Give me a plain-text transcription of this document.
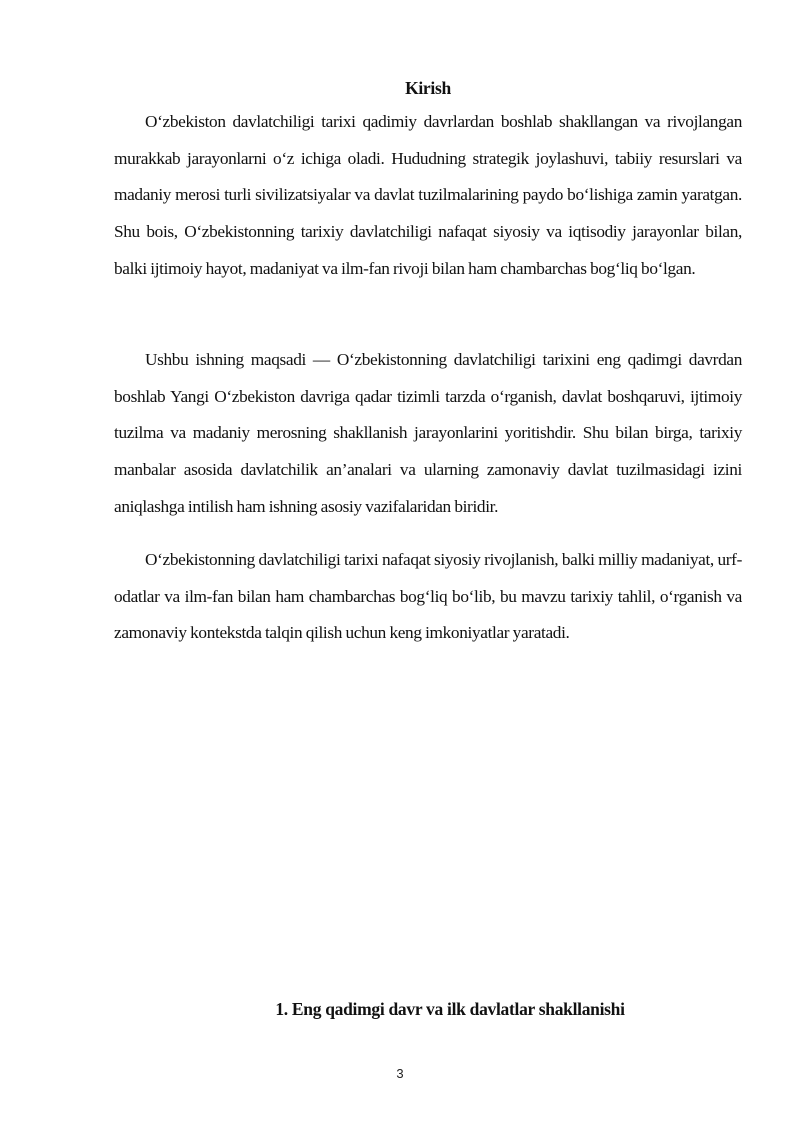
Kirish

O‘zbekiston davlatchiligi tarixi qadimiy davrlardan boshlab shakllangan va rivojlangan murakkab jarayonlarni o‘z ichiga oladi. Hududning strategik joylashuvi, tabiiy resurslari va madaniy merosi turli sivilizatsiyalar va davlat tuzilmalarining paydo bo‘lishiga zamin yaratgan. Shu bois, O‘zbekistonning tarixiy davlatchiligi nafaqat siyosiy va iqtisodiy jarayonlar bilan, balki ijtimoiy hayot, madaniyat va ilm-fan rivoji bilan ham chambarchas bog‘liq bo‘lgan.

Ushbu ishning maqsadi — O‘zbekistonning davlatchiligi tarixini eng qadimgi davrdan boshlab Yangi O‘zbekiston davriga qadar tizimli tarzda o‘rganish, davlat boshqaruvi, ijtimoiy tuzilma va madaniy merosning shakllanish jarayonlarini yoritishdir. Shu bilan birga, tarixiy manbalar asosida davlatchilik an’analari va ularning zamonaviy davlat tuzilmasidagi izini aniqlashga intilish ham ishning asosiy vazifalaridan biridir.

O‘zbekistonning davlatchiligi tarixi nafaqat siyosiy rivojlanish, balki milliy madaniyat, urf-odatlar va ilm-fan bilan ham chambarchas bog‘liq bo‘lib, bu mavzu tarixiy tahlil, o‘rganish va zamonaviy kontekstda talqin qilish uchun keng imkoniyatlar yaratadi.

1. Eng qadimgi davr va ilk davlatlar shakllanishi

3
